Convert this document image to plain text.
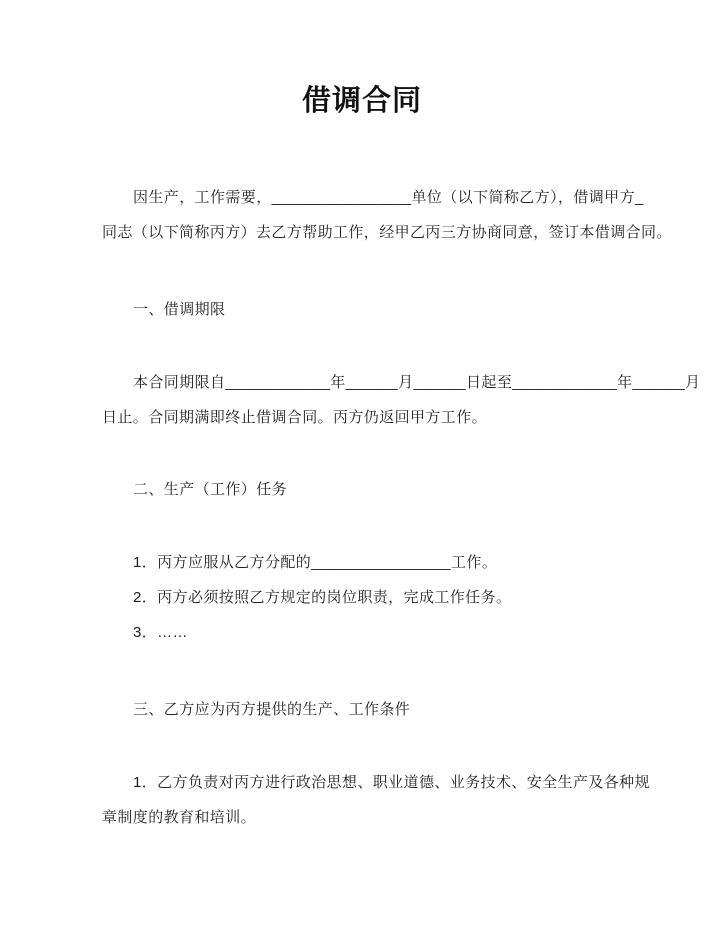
借调合同
因生产，工作需要，________________单位（以下简称乙方），借调甲方_
同志（以下简称丙方）去乙方帮助工作，经甲乙丙三方协商同意，签订本借调合同。
一、借调期限
本合同期限自____________年______月______日起至____________年______月
日止。合同期满即终止借调合同。丙方仍返回甲方工作。
二、生产（工作）任务
1．丙方应服从乙方分配的________________工作。
2．丙方必须按照乙方规定的岗位职责，完成工作任务。
3．……
三、乙方应为丙方提供的生产、工作条件
1．乙方负责对丙方进行政治思想、职业道德、业务技术、安全生产及各种规
章制度的教育和培训。
